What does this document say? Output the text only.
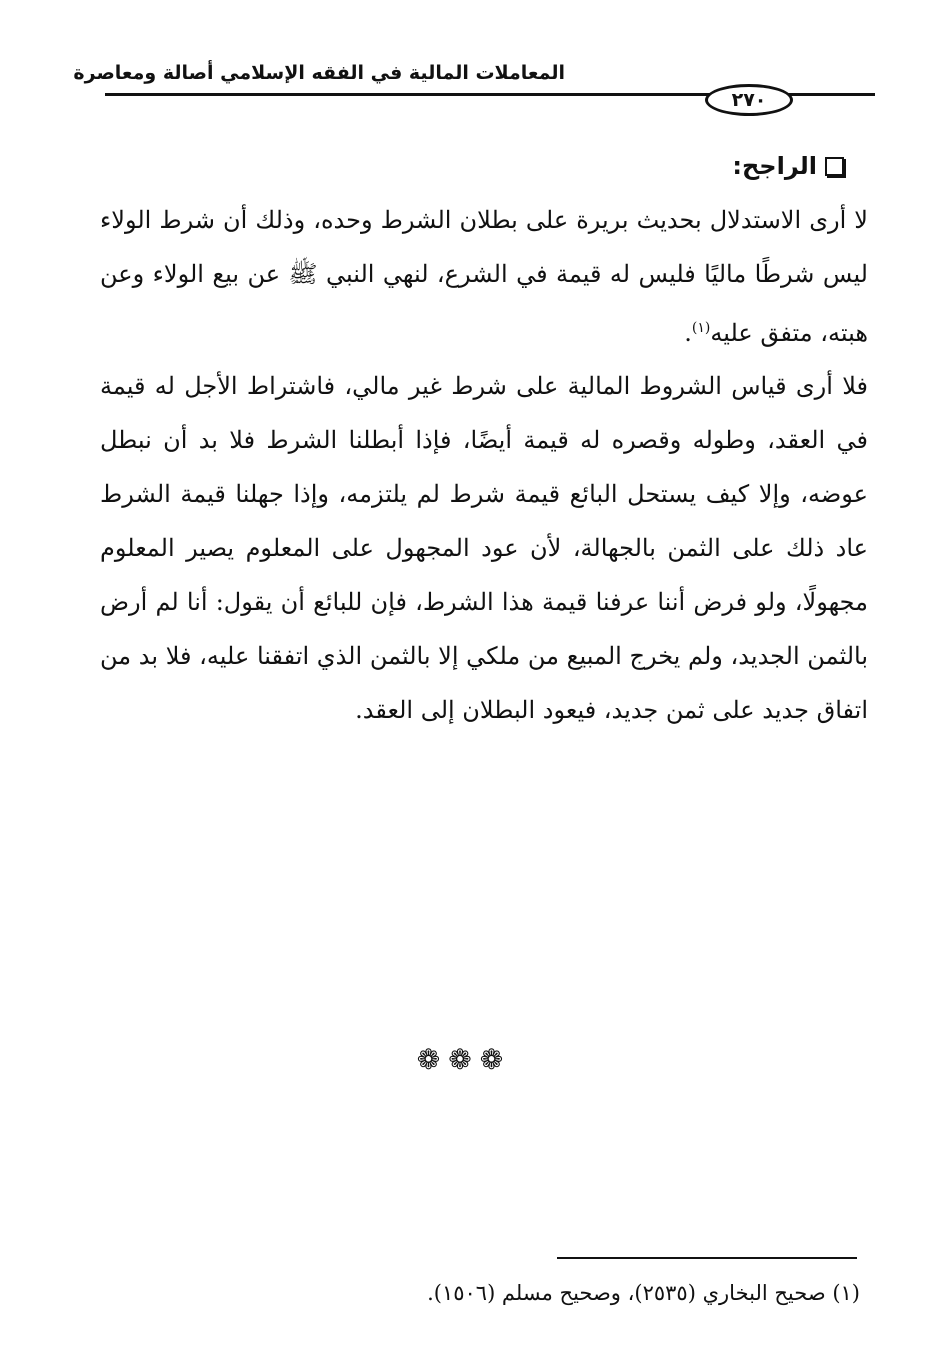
المعاملات المالية في الفقه الإسلامي أصالة ومعاصرة
٢٧٠
الراجح:

لا أرى الاستدلال بحديث بريرة على بطلان الشرط وحده، وذلك أن شرط الولاء ليس شرطًا ماليًا فليس له قيمة في الشرع، لنهي النبي ﷺ عن بيع الولاء وعن هبته، متفق عليه$^{(١)}$.

فلا أرى قياس الشروط المالية على شرط غير مالي، فاشتراط الأجل له قيمة في العقد، وطوله وقصره له قيمة أيضًا، فإذا أبطلنا الشرط فلا بد أن نبطل عوضه، وإلا كيف يستحل البائع قيمة شرط لم يلتزمه، وإذا جهلنا قيمة الشرط عاد ذلك على الثمن بالجهالة، لأن عود المجهول على المعلوم يصير المعلوم مجهولًا، ولو فرض أننا عرفنا قيمة هذا الشرط، فإن للبائع أن يقول: أنا لم أرض بالثمن الجديد، ولم يخرج المبيع من ملكي إلا بالثمن الذي اتفقنا عليه، فلا بد من اتفاق جديد على ثمن جديد، فيعود البطلان إلى العقد.

❁❁❁
(١) صحيح البخاري (٢٥٣٥)، وصحيح مسلم (١٥٠٦).
